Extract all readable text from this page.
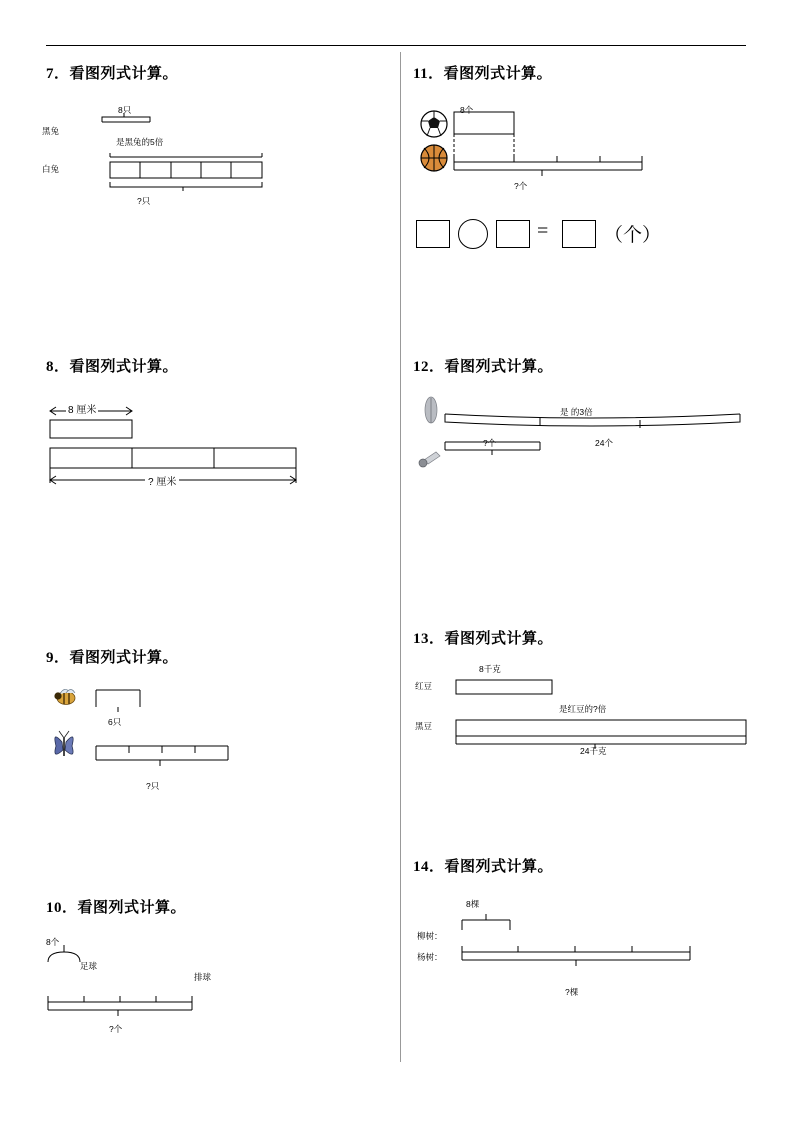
7．看图列式计算。
8只
黑兔
白兔
是黑兔的5倍
?只
8．看图列式计算。
8 厘米
? 厘米
9．看图列式计算。
6只
?只
10．看图列式计算。
8个
足球
排球
?个
11．看图列式计算。
8个
?个
=	（个）
12．看图列式计算。
是 的3倍
24个
?个
13．看图列式计算。
8千克
红豆
黑豆
是红豆的?倍
24千克
14．看图列式计算。
8棵
柳树：
杨树：
?棵
